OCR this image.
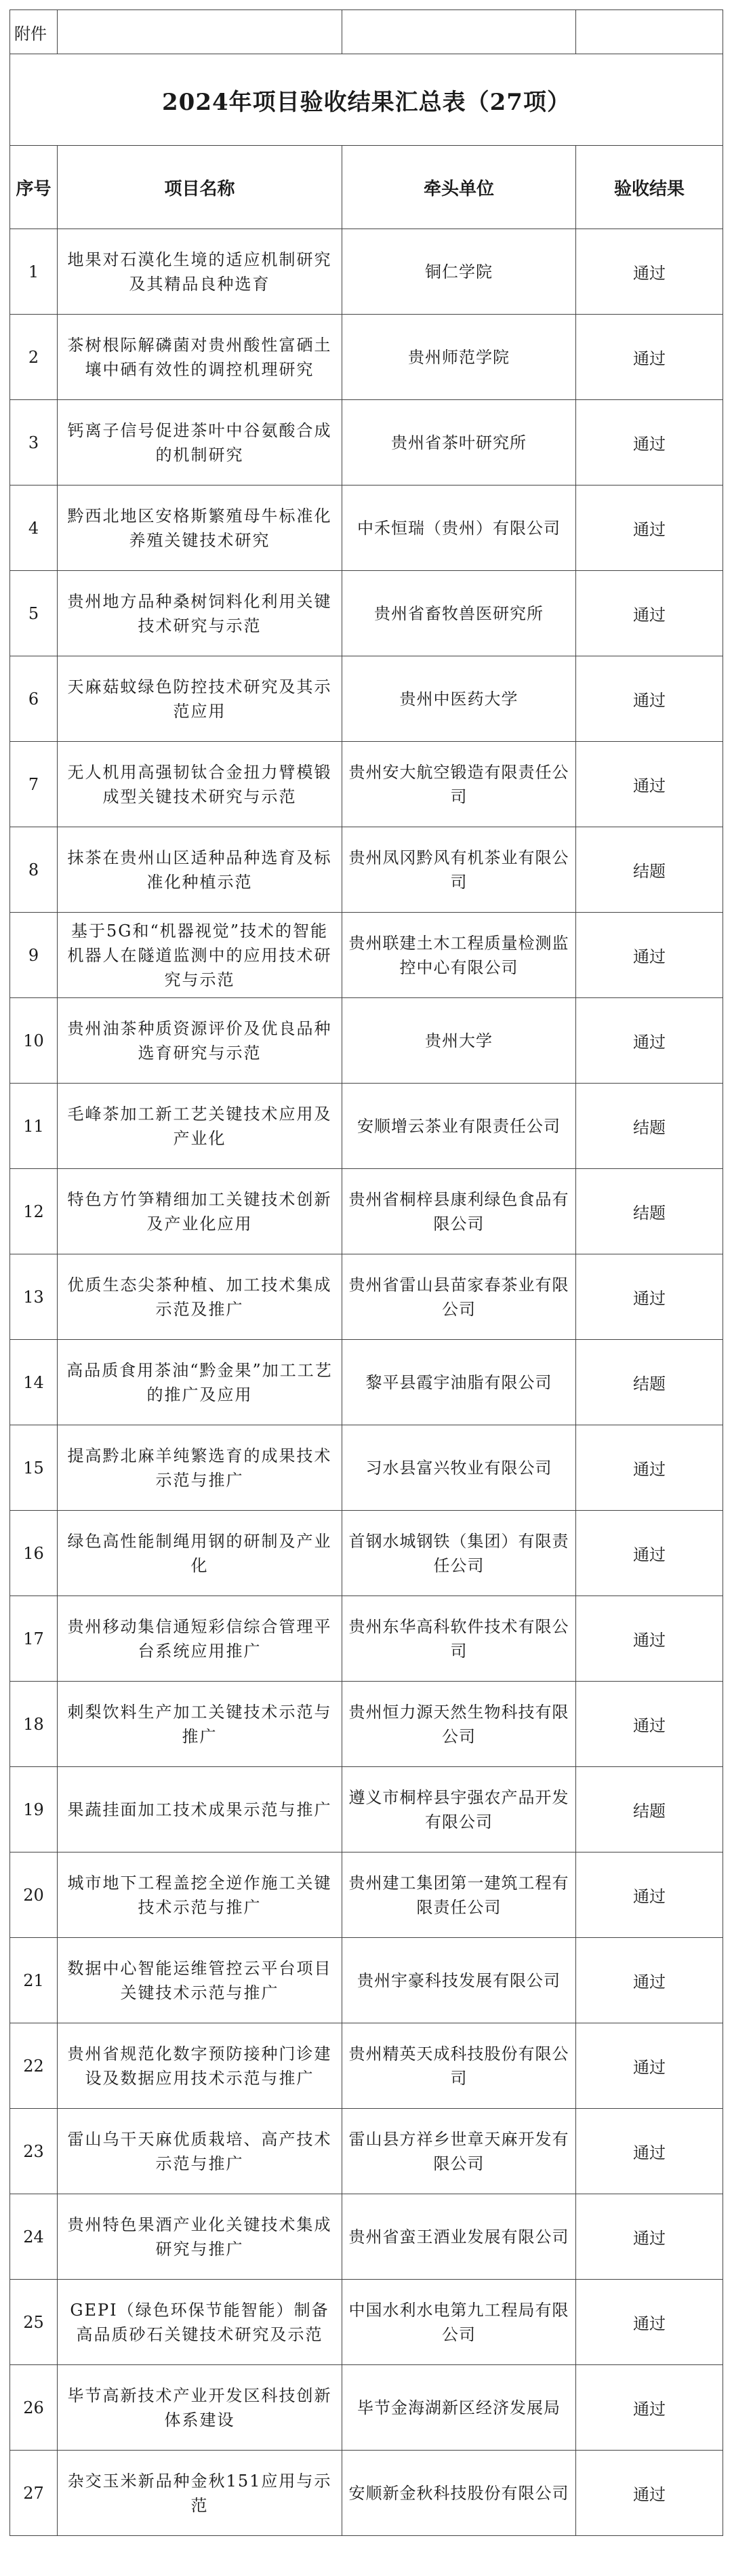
附件			
2024年项目验收结果汇总表（27项）			
序号	项目名称	牵头单位	验收结果
1	地果对石漠化生境的适应机制研究及其精品良种选育	铜仁学院	通过
2	茶树根际解磷菌对贵州酸性富硒土壤中硒有效性的调控机理研究	贵州师范学院	通过
3	钙离子信号促进茶叶中谷氨酸合成的机制研究	贵州省茶叶研究所	通过
4	黔西北地区安格斯繁殖母牛标准化养殖关键技术研究	中禾恒瑞（贵州）有限公司	通过
5	贵州地方品种桑树饲料化利用关键技术研究与示范	贵州省畜牧兽医研究所	通过
6	天麻菇蚊绿色防控技术研究及其示范应用	贵州中医药大学	通过
7	无人机用高强韧钛合金扭力臂模锻成型关键技术研究与示范	贵州安大航空锻造有限责任公司	通过
8	抹茶在贵州山区适种品种选育及标准化种植示范	贵州凤冈黔风有机茶业有限公司	结题
9	基于5G和“机器视觉”技术的智能机器人在隧道监测中的应用技术研究与示范	贵州联建土木工程质量检测监控中心有限公司	通过
10	贵州油茶种质资源评价及优良品种选育研究与示范	贵州大学	通过
11	毛峰茶加工新工艺关键技术应用及产业化	安顺增云茶业有限责任公司	结题
12	特色方竹笋精细加工关键技术创新及产业化应用	贵州省桐梓县康利绿色食品有限公司	结题
13	优质生态尖茶种植、加工技术集成示范及推广	贵州省雷山县苗家春茶业有限公司	通过
14	高品质食用茶油“黔金果”加工工艺的推广及应用	黎平县霞宇油脂有限公司	结题
15	提高黔北麻羊纯繁选育的成果技术示范与推广	习水县富兴牧业有限公司	通过
16	绿色高性能制绳用钢的研制及产业化	首钢水城钢铁（集团）有限责任公司	通过
17	贵州移动集信通短彩信综合管理平台系统应用推广	贵州东华高科软件技术有限公司	通过
18	刺梨饮料生产加工关键技术示范与推广	贵州恒力源天然生物科技有限公司	通过
19	果蔬挂面加工技术成果示范与推广	遵义市桐梓县宇强农产品开发有限公司	结题
20	城市地下工程盖挖全逆作施工关键技术示范与推广	贵州建工集团第一建筑工程有限责任公司	通过
21	数据中心智能运维管控云平台项目关键技术示范与推广	贵州宇豪科技发展有限公司	通过
22	贵州省规范化数字预防接种门诊建设及数据应用技术示范与推广	贵州精英天成科技股份有限公司	通过
23	雷山乌干天麻优质栽培、高产技术示范与推广	雷山县方祥乡世章天麻开发有限公司	通过
24	贵州特色果酒产业化关键技术集成研究与推广	贵州省蛮王酒业发展有限公司	通过
25	GEPI（绿色环保节能智能）制备高品质砂石关键技术研究及示范	中国水利水电第九工程局有限公司	通过
26	毕节高新技术产业开发区科技创新体系建设	毕节金海湖新区经济发展局	通过
27	杂交玉米新品种金秋151应用与示范	安顺新金秋科技股份有限公司	通过
